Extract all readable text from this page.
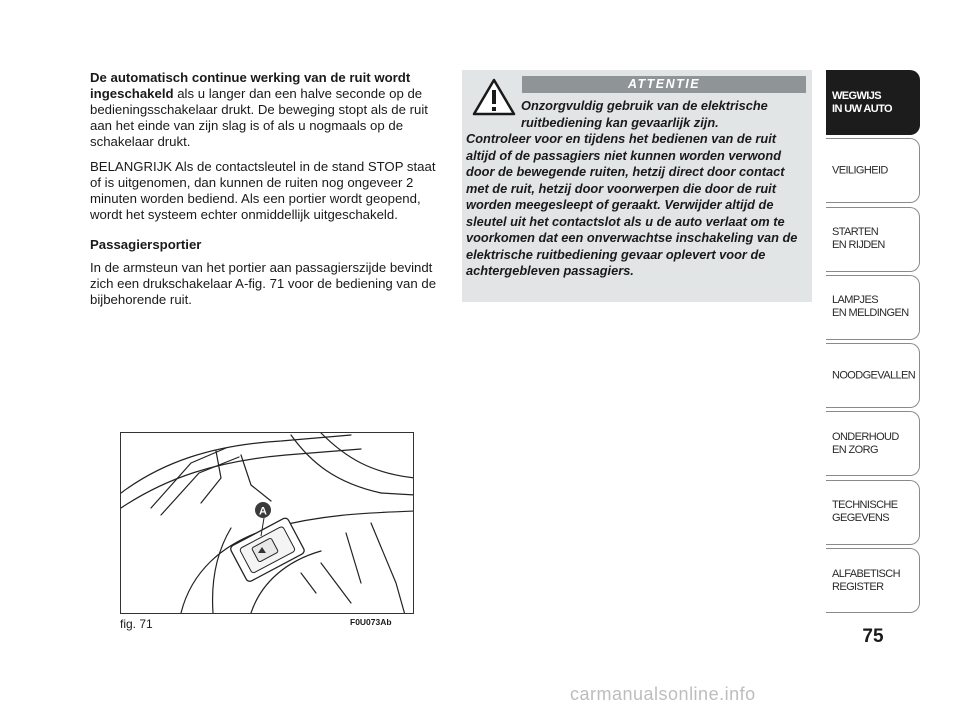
De automatisch continue werking van de ruit wordt ingeschakeld als u langer dan een halve seconde op de bedieningsschakelaar drukt. De beweging stopt als de ruit aan het einde van zijn slag is of als u nogmaals op de schakelaar drukt.

BELANGRIJK Als de contactsleutel in de stand STOP staat of is uitgenomen, dan kunnen de ruiten nog ongeveer 2 minuten worden bediend. Als een portier wordt geopend, wordt het systeem echter onmiddellijk uitgeschakeld.

Passagiersportier

In de armsteun van het portier aan passagierszijde bevindt zich een drukschakelaar A-fig. 71 voor de bediening van de bijbehorende ruit.

ATTENTIE
Onzorgvuldig gebruik van de elektrische ruitbediening kan gevaarlijk zijn.
Controleer voor en tijdens het bedienen van de ruit altijd of de passagiers niet kunnen worden verwond door de bewegende ruiten, hetzij direct door contact met de ruit, hetzij door voorwerpen die door de ruit worden meegesleept of geraakt. Verwijder altijd de sleutel uit het contactslot als u de auto verlaat om te voorkomen dat een onverwachtse inschakeling van de elektrische ruitbediening gevaar oplevert voor de achtergebleven passagiers.
A
fig. 71	F0U073Ab
WEGWIJS
IN UW AUTO
VEILIGHEID
STARTEN
EN RIJDEN
LAMPJES
EN MELDINGEN
NOODGEVALLEN
ONDERHOUD
EN ZORG
TECHNISCHE
GEGEVENS
ALFABETISCH
REGISTER
75
carmanualsonline.info
